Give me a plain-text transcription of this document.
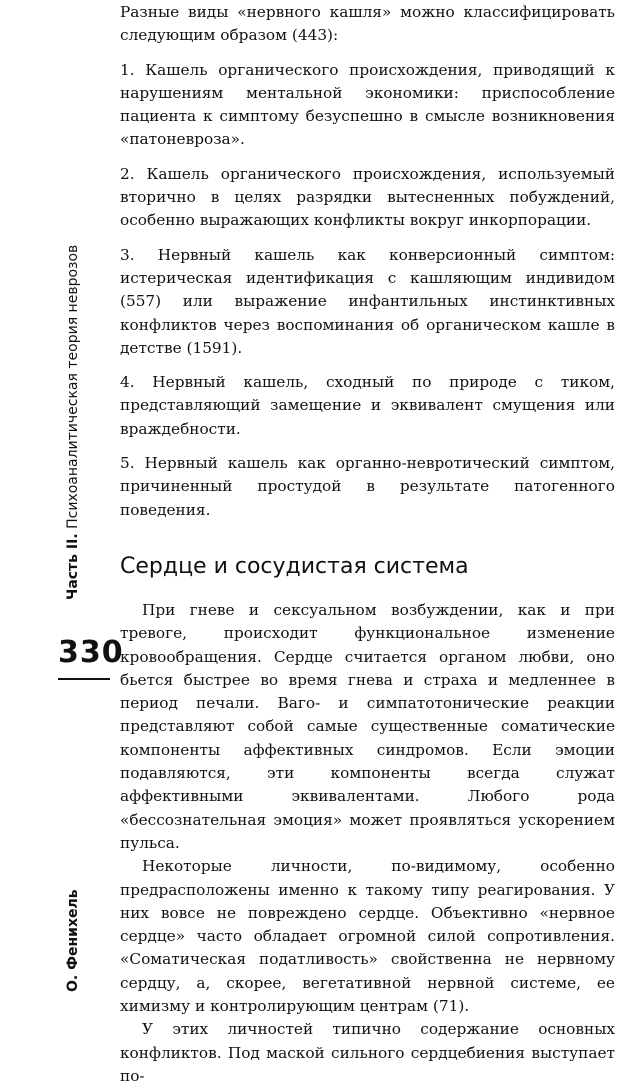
Часть II. Психоаналитическая теория неврозов
330
О. Фенихель

Разные виды «нервного кашля» можно классифицировать следующим образом (443):

1. Кашель органического происхождения, приводящий к нарушениям ментальной экономики: приспособление пациента к симптому безуспешно в смысле возникновения «патоневроза».

2. Кашель органического происхождения, используемый вторично в целях разрядки вытесненных побуждений, особенно выражающих конфликты вокруг инкорпорации.

3. Нервный кашель как конверсионный симптом: истерическая идентификация с кашляющим индивидом (557) или выражение инфантильных инстинктивных конфликтов через воспоминания об органическом кашле в детстве (1591).

4. Нервный кашель, сходный по природе с тиком, представляющий замещение и эквивалент смущения или враждебности.

5. Нервный кашель как органно-невротический симптом, причиненный простудой в результате патогенного поведения.

Сердце и сосудистая система

При гневе и сексуальном возбуждении, как и при тревоге, происходит функциональное изменение кровообращения. Сердце считается органом любви, оно бьется быстрее во время гнева и страха и медленнее в период печали. Ваго- и симпатотонические реакции представляют собой самые существенные соматические компоненты аффективных синдромов. Если эмоции подавляются, эти компоненты всегда служат аффективными эквивалентами. Любого рода «бессознательная эмоция» может проявляться ускорением пульса.

Некоторые личности, по-видимому, особенно предрасположены именно к такому типу реагирования. У них вовсе не повреждено сердце. Объективно «нервное сердце» часто обладает огромной силой сопротивления. «Соматическая податливость» свойственна не нервному сердцу, а, скорее, вегетативной нервной системе, ее химизму и контролирующим центрам (71).

У этих личностей типично содержание основных конфликтов. Под маской сильного сердцебиения выступает по-
